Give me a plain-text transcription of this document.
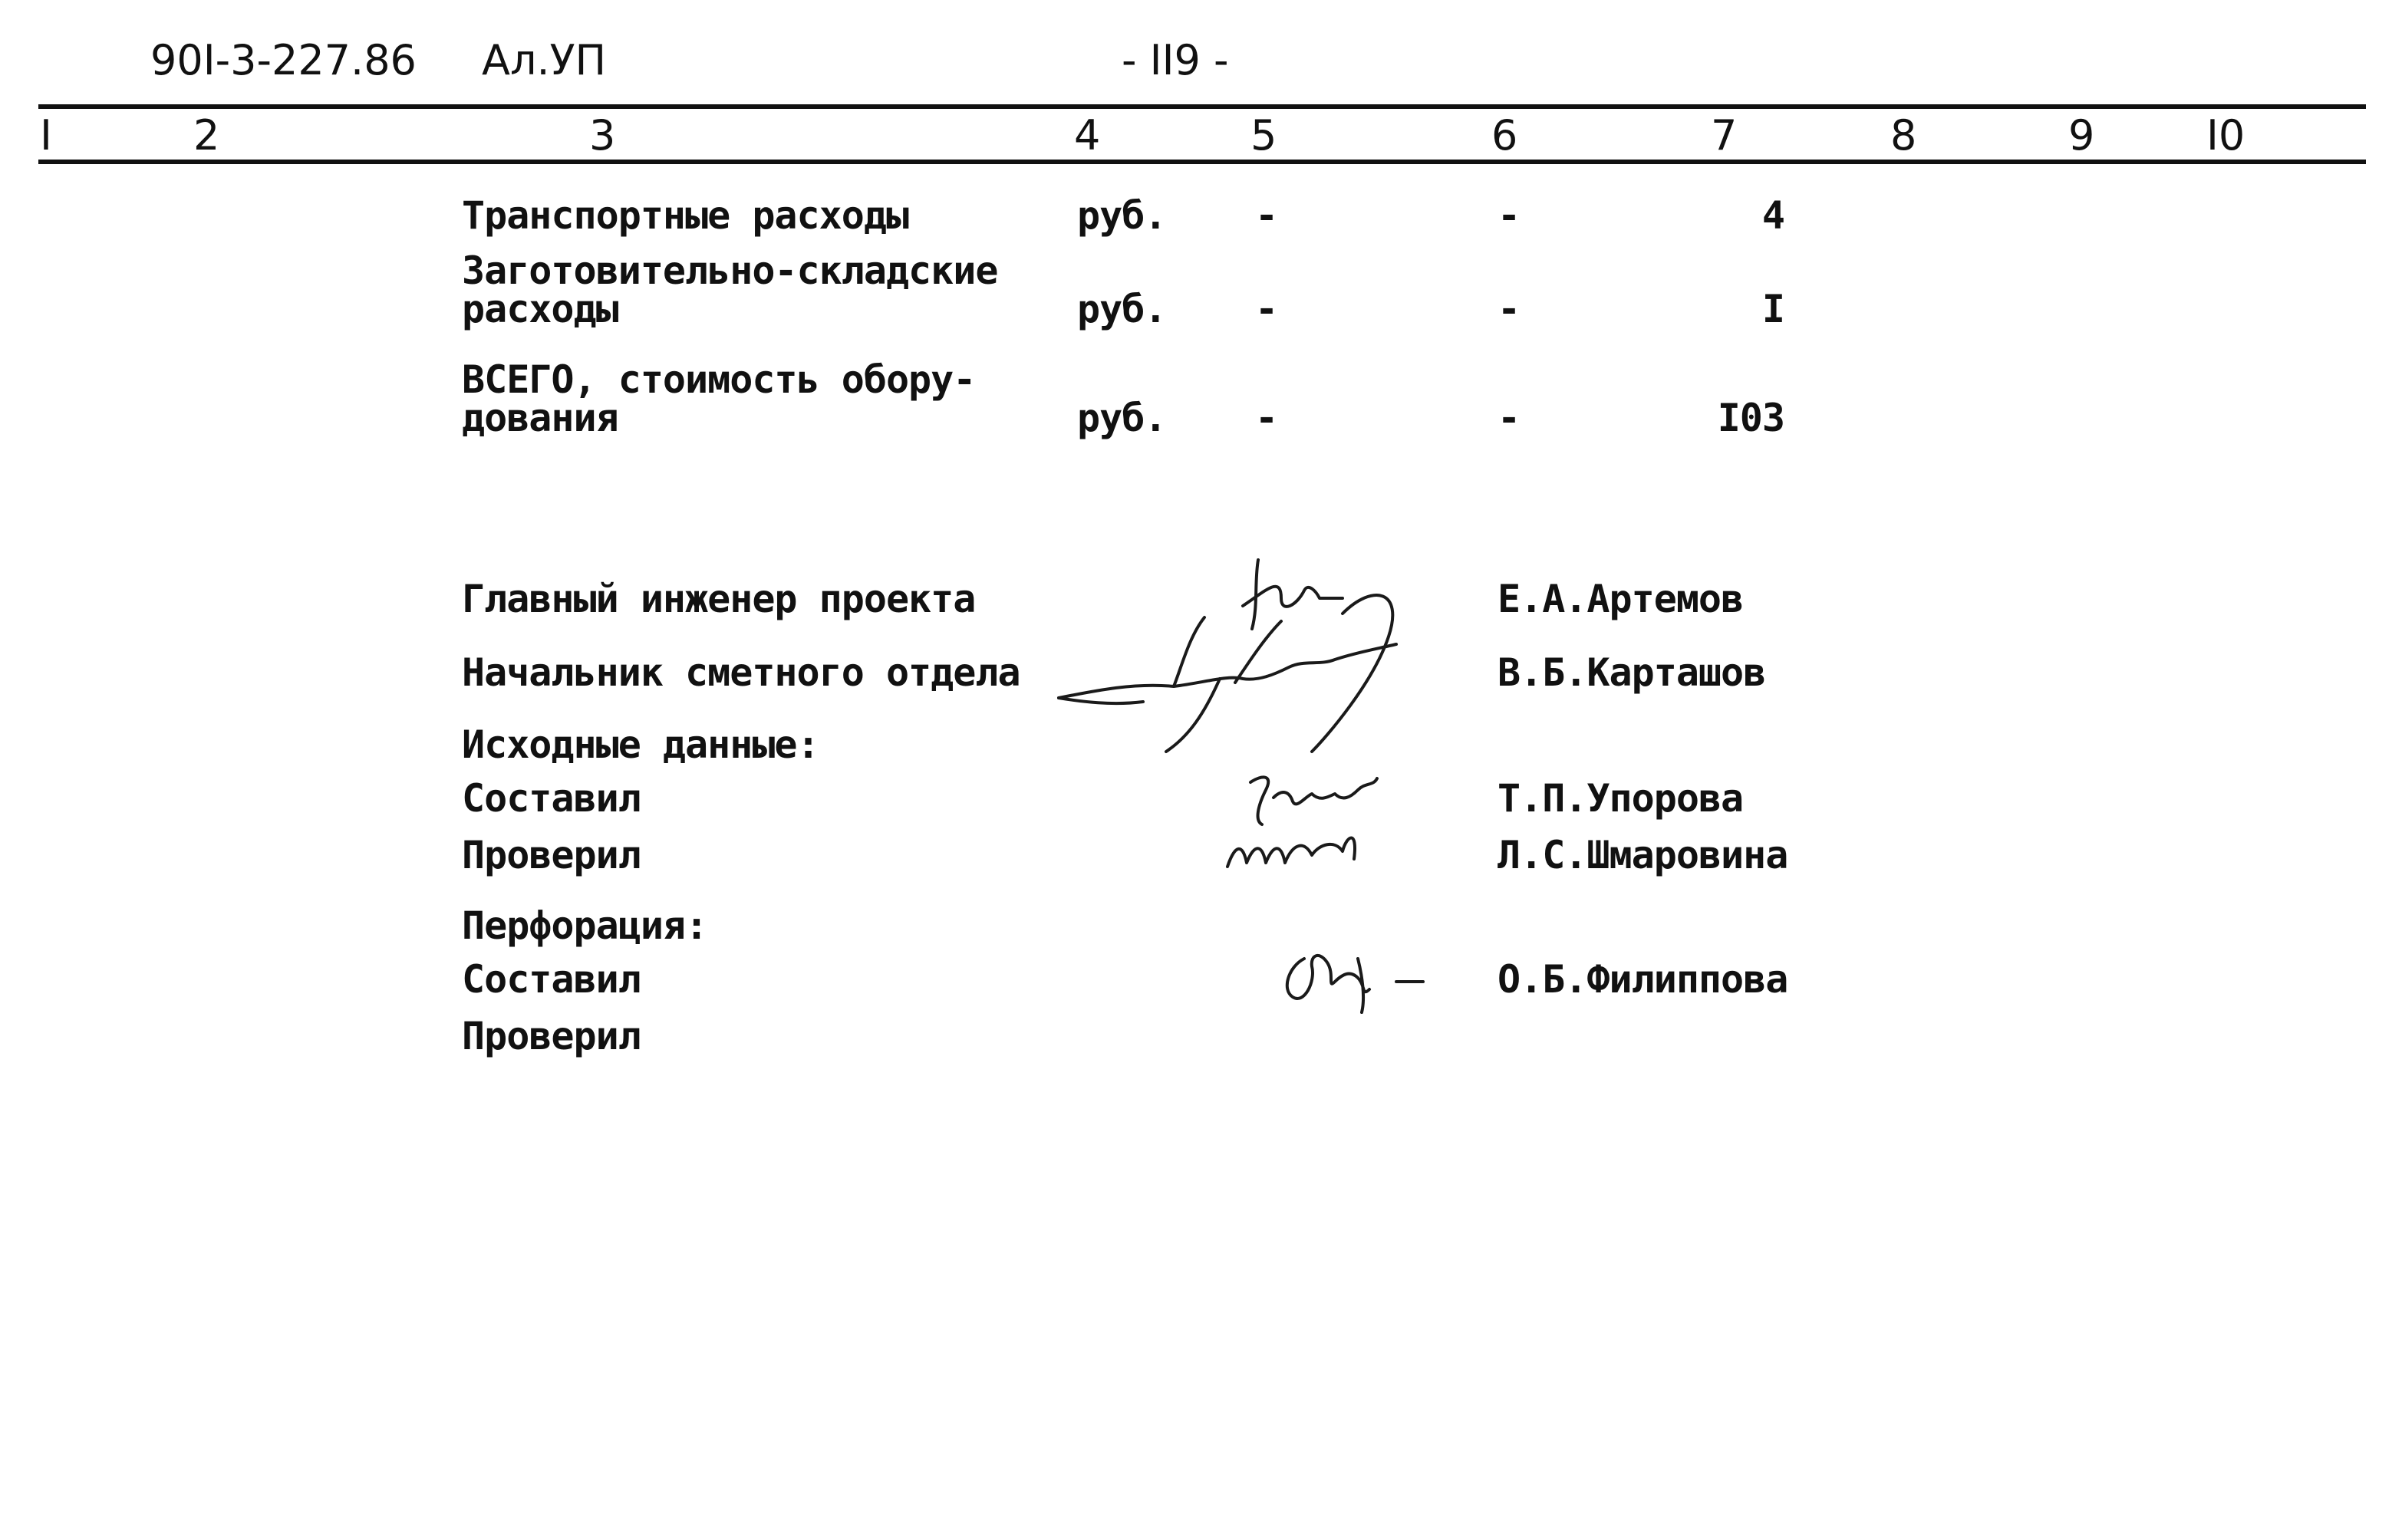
90I-3-227.86 Ал.УП	- II9 -
I	2	3	4	5	6	7	8	9	I0
Транспортные расходы	руб. -	-	4
Заготовительно-складские
расходы	руб. -	-	I
ВСЕГО, стоимость обору-
дования	руб. -	-	I03
Главный инженер проекта	Е.А.Артемов
Начальник сметного отдела	В.Б.Карташов
Исходные данные:
Составил	Т.П.Упорова
Проверил	Л.С.Шмаровина
Перфорация:
Составил	О.Б.Филиппова
Проверил
